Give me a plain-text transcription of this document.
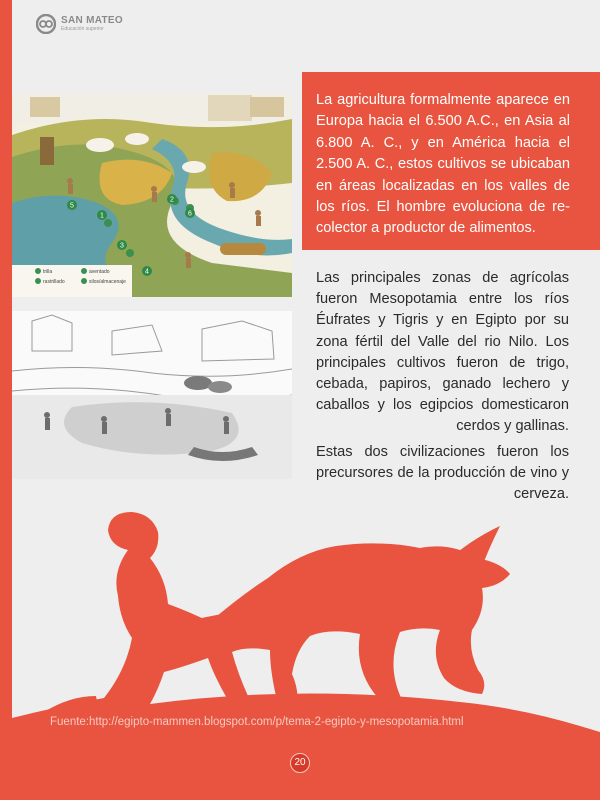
SAN MATEO
Educación superior
trilla	aventado
rastrillado	silos/almacenaje
1
2
3
4
5
6
La agricultura formalmente aparece en Europa hacia el 6.500 A.C., en Asia al 6.800 A. C., y en América hacia el 2.500 A. C., estos cultivos se ubicaban en áreas localizadas en los valles de los ríos. El hombre evoluciona de re-colector a productor de alimentos.
Las principales zonas de agrícolas fueron Mesopotamia entre los ríos Éufrates y Tigris y en Egipto por su zona fértil del Valle del rio Nilo. Los principales cultivos fueron de trigo, cebada, papiros, ganado lechero y caballos y los egipcios domesticaron cerdos y gallinas.
Estas dos civilizaciones fueron los precursores de la producción de vino y cerveza.
Fuente:http://egipto-mammen.blogspot.com/p/tema-2-egipto-y-mesopotamia.html
20
